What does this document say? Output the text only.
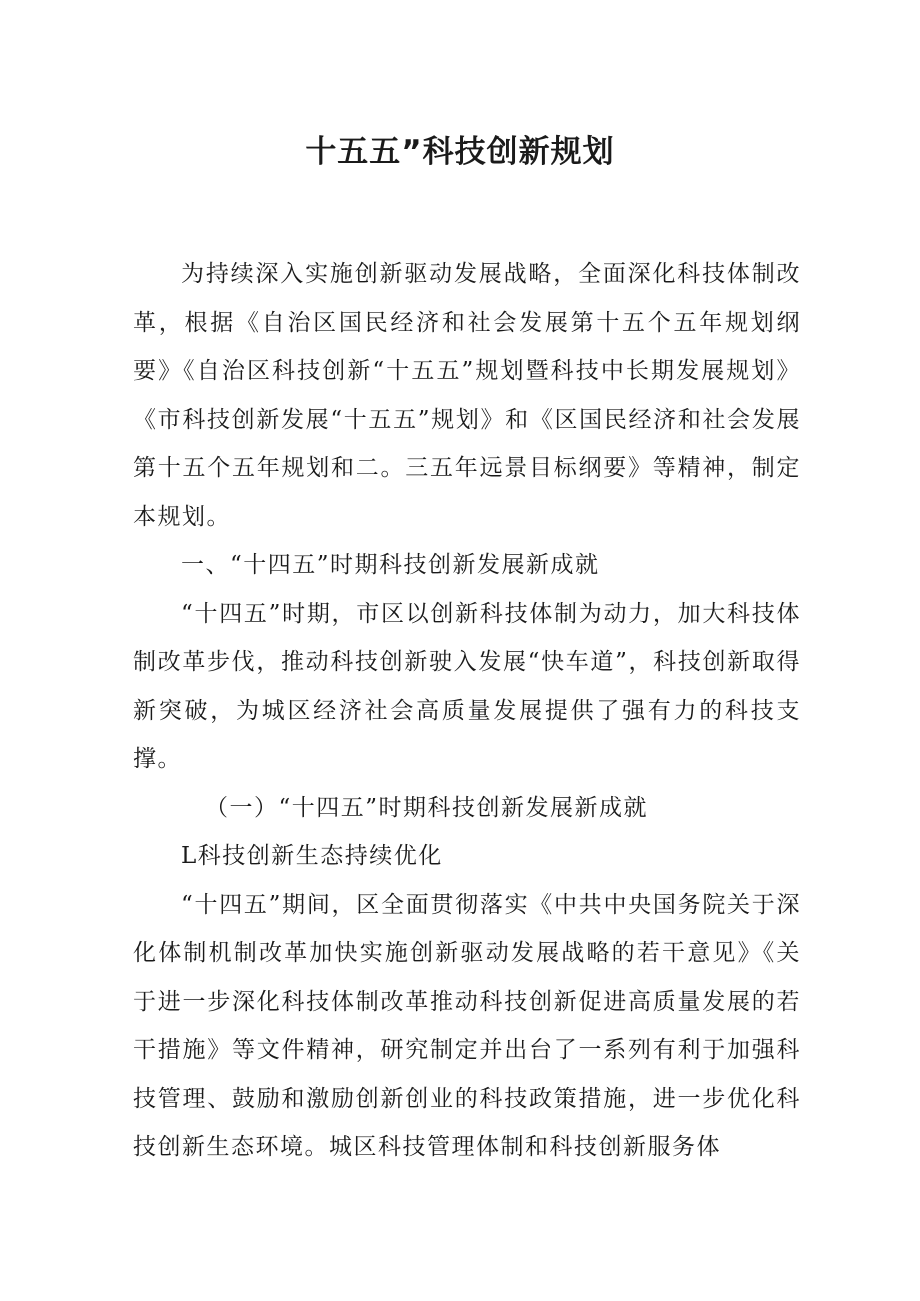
十五五”科技创新规划

为持续深入实施创新驱动发展战略，全面深化科技体制改革，根据《自治区国民经济和社会发展第十五个五年规划纲要》《自治区科技创新“十五五”规划暨科技中长期发展规划》《市科技创新发展“十五五”规划》和《区国民经济和社会发展第十五个五年规划和二。三五年远景目标纲要》等精神，制定本规划。

一、“十四五”时期科技创新发展新成就

“十四五”时期，市区以创新科技体制为动力，加大科技体制改革步伐，推动科技创新驶入发展“快车道”，科技创新取得新突破，为城区经济社会高质量发展提供了强有力的科技支撑。

（一）“十四五”时期科技创新发展新成就

L科技创新生态持续优化

“十四五”期间，区全面贯彻落实《中共中央国务院关于深化体制机制改革加快实施创新驱动发展战略的若干意见》《关于进一步深化科技体制改革推动科技创新促进高质量发展的若干措施》等文件精神，研究制定并出台了一系列有利于加强科技管理、鼓励和激励创新创业的科技政策措施，进一步优化科技创新生态环境。城区科技管理体制和科技创新服务体
